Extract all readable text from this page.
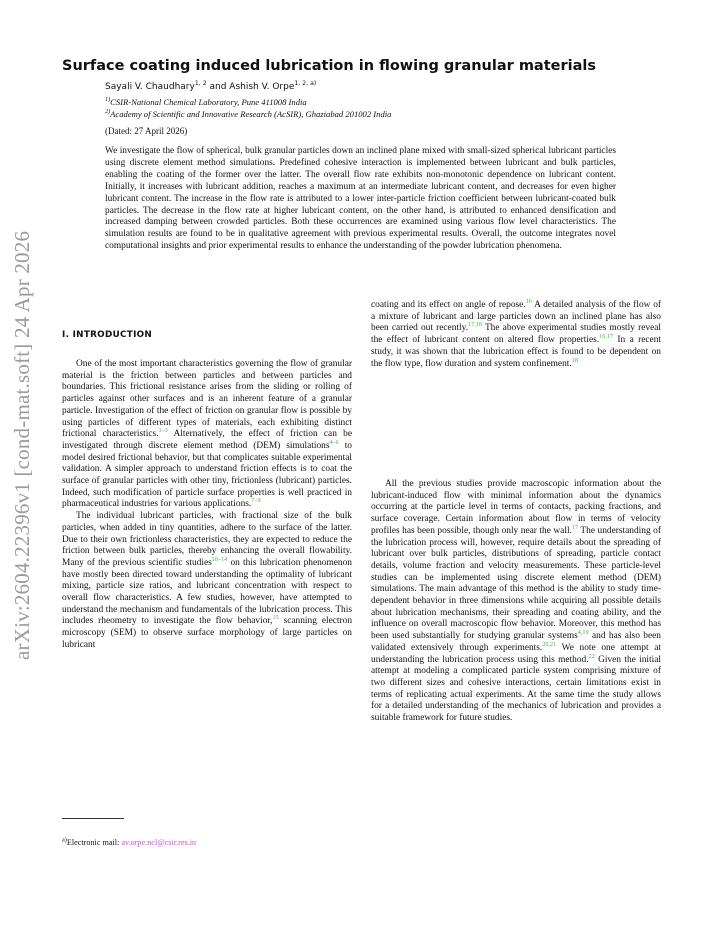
arXiv:2604.22396v1 [cond-mat.soft] 24 Apr 2026
Surface coating induced lubrication in flowing granular materials
Sayali V. Chaudhary$^{1, 2}$ and Ashish V. Orpe$^{1, 2, a)}$
$^{1)}$CSIR-National Chemical Laboratory, Pune 411008 India
$^{2)}$Academy of Scientific and Innovative Research (AcSIR), Ghaziabad 201002 India
(Dated: 27 April 2026)

We investigate the flow of spherical, bulk granular particles down an inclined plane mixed with small-sized spherical lubricant particles using discrete element method simulations. Predefined cohesive interaction is implemented between lubricant and bulk particles, enabling the coating of the former over the latter. The overall flow rate exhibits non-monotonic dependence on lubricant content. Initially, it increases with lubricant addition, reaches a maximum at an intermediate lubricant content, and decreases for even higher lubricant content. The increase in the flow rate is attributed to a lower inter-particle friction coefficient between lubricant-coated bulk particles. The decrease in the flow rate at higher lubricant content, on the other hand, is attributed to enhanced densification and increased damping between crowded particles. Both these occurrences are examined using various flow level characteristics. The simulation results are found to be in qualitative agreement with previous experimental results. Overall, the outcome integrates novel computational insights and prior experimental results to enhance the understanding of the powder lubrication phenomena.

I. INTRODUCTION

One of the most important characteristics governing the flow of granular material is the friction between particles and between particles and boundaries. This frictional resistance arises from the sliding or rolling of particles against other surfaces and is an inherent feature of a granular particle. Investigation of the effect of friction on granular flow is possible by using particles of different types of materials, each exhibiting distinct frictional characteristics.$^{1-3}$ Alternatively, the effect of friction can be investigated through discrete element method (DEM) simulations$^{4-6}$ to model desired frictional behavior, but that complicates suitable experimental validation. A simpler approach to understand friction effects is to coat the surface of granular particles with other tiny, frictionless (lubricant) particles. Indeed, such modification of particle surface properties is well practiced in pharmaceutical industries for various applications.$^{7-9}$

The individual lubricant particles, with fractional size of the bulk particles, when added in tiny quantities, adhere to the surface of the latter. Due to their own frictionless characteristics, they are expected to reduce the friction between bulk particles, thereby enhancing the overall flowability. Many of the previous scientific studies$^{10-14}$ on this lubrication phenomenon have mostly been directed toward understanding the optimality of lubricant mixing, particle size ratios, and lubricant concentration with respect to overall flow characteristics. A few studies, however, have attempted to understand the mechanism and fundamentals of the lubrication process. This includes rheometry to investigate the flow behavior,$^{15}$ scanning electron microscopy (SEM) to observe surface morphology of large particles on lubricant

coating and its effect on angle of repose.$^{16}$ A detailed analysis of the flow of a mixture of lubricant and large particles down an inclined plane has also been carried out recently.$^{17,18}$ The above experimental studies mostly reveal the effect of lubricant content on altered flow properties.$^{16,17}$ In a recent study, it was shown that the lubrication effect is found to be dependent on the flow type, flow duration and system confinement.$^{18}$

All the previous studies provide macroscopic information about the lubricant-induced flow with minimal information about the dynamics occurring at the particle level in terms of contacts, packing fractions, and surface coverage. Certain information about flow in terms of velocity profiles has been possible, though only near the wall.$^{17}$ The understanding of the lubrication process will, however, require details about the spreading of lubricant over bulk particles, distributions of spreading, particle contact details, volume fraction and velocity measurements. These particle-level studies can be implemented using discrete element method (DEM) simulations. The main advantage of this method is the ability to study time-dependent behavior in three dimensions while acquiring all possible details about lubrication mechanisms, their spreading and coating ability, and the influence on overall macroscopic flow behavior. Moreover, this method has been used substantially for studying granular systems$^{4,19}$ and has also been validated extensively through experiments.$^{20,21}$ We note one attempt at understanding the lubrication process using this method.$^{22}$ Given the initial attempt at modeling a complicated particle system comprising mixture of two different sizes and cohesive interactions, certain limitations exist in terms of replicating actual experiments. At the same time the study allows for a detailed understanding of the mechanics of lubrication and provides a suitable framework for future studies.

$^{a)}$Electronic mail: av.orpe.ncl@csir.res.in
